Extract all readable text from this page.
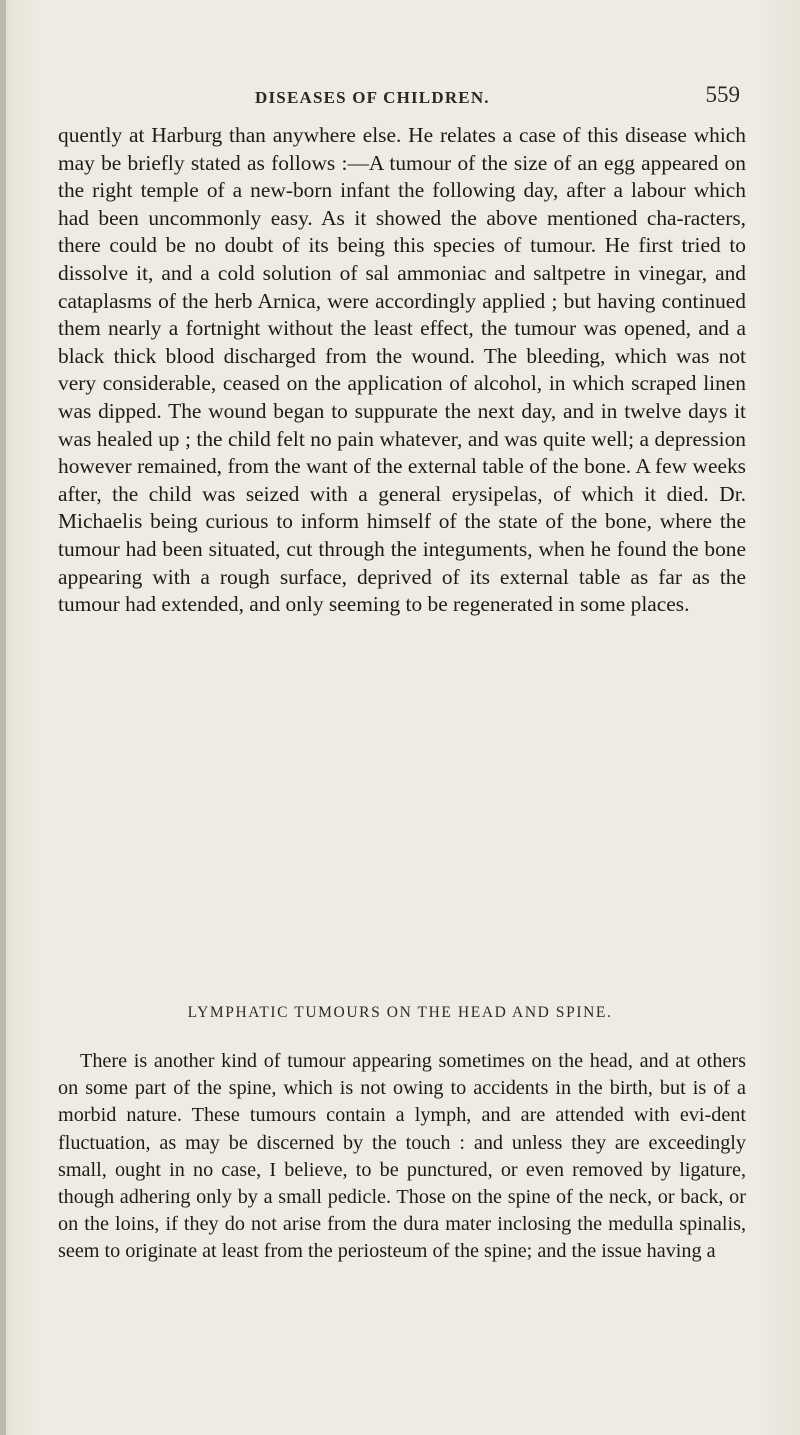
DISEASES OF CHILDREN.	559

quently at Harburg than anywhere else. He relates a case of this disease which may be briefly stated as follows :—A tumour of the size of an egg appeared on the right temple of a new-born infant the following day, after a labour which had been uncommonly easy. As it showed the above mentioned cha-racters, there could be no doubt of its being this species of tumour. He first tried to dissolve it, and a cold solution of sal ammoniac and saltpetre in vinegar, and cataplasms of the herb Arnica, were accordingly applied ; but having continued them nearly a fortnight without the least effect, the tumour was opened, and a black thick blood discharged from the wound. The bleeding, which was not very considerable, ceased on the application of alcohol, in which scraped linen was dipped. The wound began to suppurate the next day, and in twelve days it was healed up ; the child felt no pain whatever, and was quite well; a depression however remained, from the want of the external table of the bone. A few weeks after, the child was seized with a general erysipelas, of which it died. Dr. Michaelis being curious to inform himself of the state of the bone, where the tumour had been situated, cut through the integuments, when he found the bone appearing with a rough surface, deprived of its external table as far as the tumour had extended, and only seeming to be regenerated in some places.

LYMPHATIC TUMOURS ON THE HEAD AND SPINE.

There is another kind of tumour appearing sometimes on the head, and at others on some part of the spine, which is not owing to accidents in the birth, but is of a morbid nature. These tumours contain a lymph, and are attended with evi-dent fluctuation, as may be discerned by the touch : and unless they are exceedingly small, ought in no case, I believe, to be punctured, or even removed by ligature, though adhering only by a small pedicle. Those on the spine of the neck, or back, or on the loins, if they do not arise from the dura mater inclosing the medulla spinalis, seem to originate at least from the periosteum of the spine; and the issue having a
